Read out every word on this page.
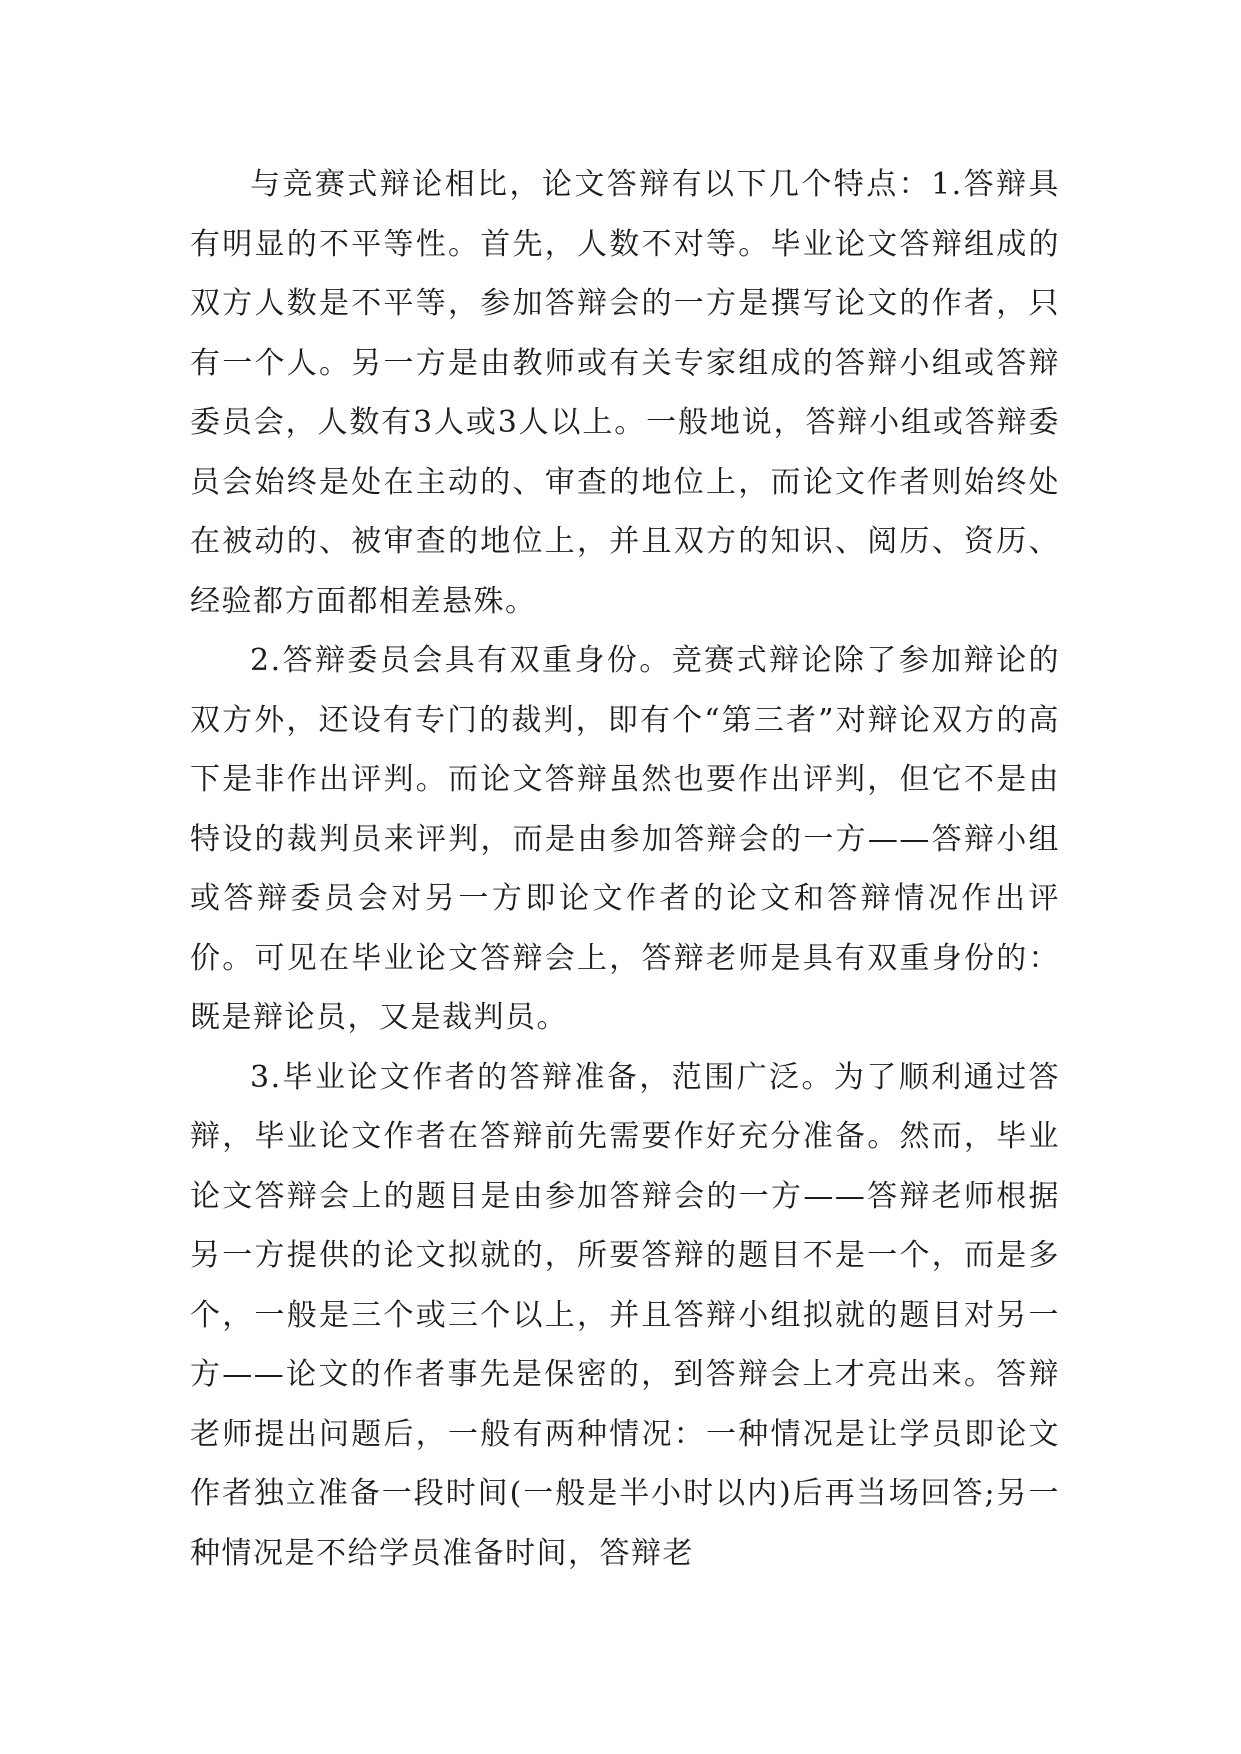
与竞赛式辩论相比，论文答辩有以下几个特点：1.答辩具有明显的不平等性。首先，人数不对等。毕业论文答辩组成的双方人数是不平等，参加答辩会的一方是撰写论文的作者，只有一个人。另一方是由教师或有关专家组成的答辩小组或答辩委员会，人数有3人或3人以上。一般地说，答辩小组或答辩委员会始终是处在主动的、审查的地位上，而论文作者则始终处在被动的、被审查的地位上，并且双方的知识、阅历、资历、经验都方面都相差悬殊。

2.答辩委员会具有双重身份。竞赛式辩论除了参加辩论的双方外，还设有专门的裁判，即有个“第三者”对辩论双方的高下是非作出评判。而论文答辩虽然也要作出评判，但它不是由特设的裁判员来评判，而是由参加答辩会的一方——答辩小组或答辩委员会对另一方即论文作者的论文和答辩情况作出评价。可见在毕业论文答辩会上，答辩老师是具有双重身份的：既是辩论员，又是裁判员。

3.毕业论文作者的答辩准备，范围广泛。为了顺利通过答辩，毕业论文作者在答辩前先需要作好充分准备。然而，毕业论文答辩会上的题目是由参加答辩会的一方——答辩老师根据另一方提供的论文拟就的，所要答辩的题目不是一个，而是多个，一般是三个或三个以上，并且答辩小组拟就的题目对另一方——论文的作者事先是保密的，到答辩会上才亮出来。答辩老师提出问题后，一般有两种情况：一种情况是让学员即论文作者独立准备一段时间(一般是半小时以内)后再当场回答;另一种情况是不给学员准备时间，答辩老
